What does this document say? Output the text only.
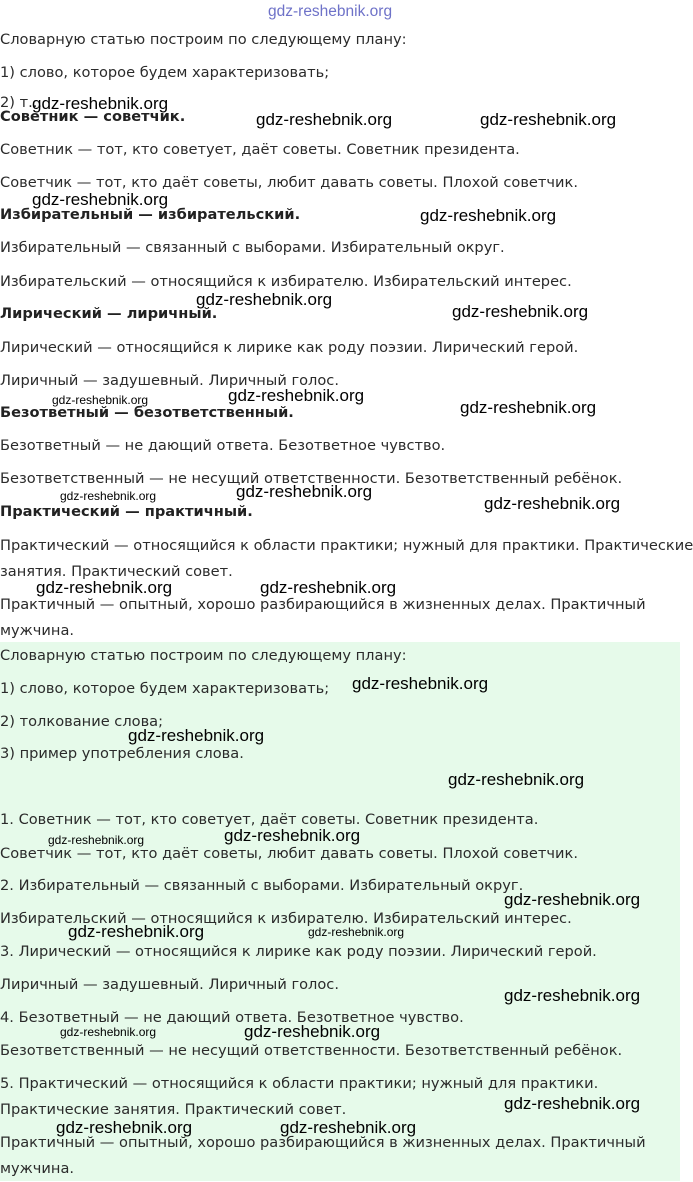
Словарную статью построим по следующему плану:

1) слово, которое будем характеризовать;

2) т...

Советник — советчик.

Советник — тот, кто советует, даёт советы. Советник президента.

Советчик — тот, кто даёт советы, любит давать советы. Плохой советчик.

Избирательный — избирательский.

Избирательный — связанный с выборами. Избирательный округ.

Избирательский — относящийся к избирателю. Избирательский интерес.

Лирический — лиричный.

Лирический — относящийся к лирике как роду поэзии. Лирический герой.

Лиричный — задушевный. Лиричный голос.

Безответный — безответственный.

Безответный — не дающий ответа. Безответное чувство.

Безответственный — не несущий ответственности. Безответственный ребёнок.

Практический — практичный.

Практический — относящийся к области практики; нужный для практики. Практические

занятия. Практический совет.

Практичный — опытный, хорошо разбирающийся в жизненных делах. Практичный

мужчина.

Словарную статью построим по следующему плану:

1) слово, которое будем характеризовать;

2) толкование слова;

3) пример употребления слова.

1. Советник — тот, кто советует, даёт советы. Советник президента.

Советчик — тот, кто даёт советы, любит давать советы. Плохой советчик.

2. Избирательный — связанный с выборами. Избирательный округ.

Избирательский — относящийся к избирателю. Избирательский интерес.

3. Лирический — относящийся к лирике как роду поэзии. Лирический герой.

Лиричный — задушевный. Лиричный голос.

4. Безответный — не дающий ответа. Безответное чувство.

Безответственный — не несущий ответственности. Безответственный ребёнок.

5. Практический — относящийся к области практики; нужный для практики.

Практические занятия. Практический совет.

Практичный — опытный, хорошо разбирающийся в жизненных делах. Практичный

мужчина.

gdz-reshebnik.org
gdz-reshebnik.org
gdz-reshebnik.org	gdz-reshebnik.org
gdz-reshebnik.org
gdz-reshebnik.org
gdz-reshebnik.org
gdz-reshebnik.org
gdz-reshebnik.org	gdz-reshebnik.org
gdz-reshebnik.org
gdz-reshebnik.org	gdz-reshebnik.org
gdz-reshebnik.org
gdz-reshebnik.org	gdz-reshebnik.org
gdz-reshebnik.org
gdz-reshebnik.org
gdz-reshebnik.org
gdz-reshebnik.org	gdz-reshebnik.org
gdz-reshebnik.org
gdz-reshebnik.org	gdz-reshebnik.org
gdz-reshebnik.org
gdz-reshebnik.org	gdz-reshebnik.org
gdz-reshebnik.org
gdz-reshebnik.org	gdz-reshebnik.org
